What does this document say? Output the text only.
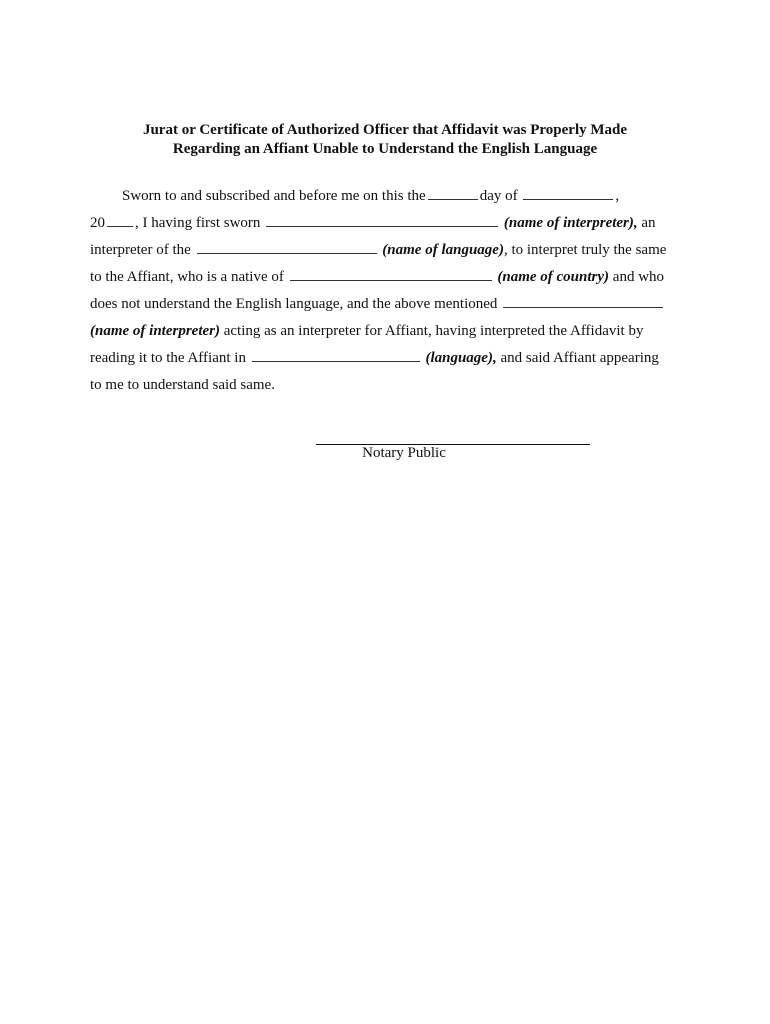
Jurat or Certificate of Authorized Officer that Affidavit was Properly Made
Regarding an Affiant Unable to Understand the English Language
Sworn to and subscribed and before me on this the	day of	,
20 , I having first sworn	(name of interpreter), an
interpreter of the	(name of language), to interpret truly the same
to the Affiant, who is a native of	(name of country) and who
does not understand the English language, and the above mentioned
(name of interpreter) acting as an interpreter for Affiant, having interpreted the Affidavit by
reading it to the Affiant in	(language), and said Affiant appearing
to me to understand said same.
Notary Public
